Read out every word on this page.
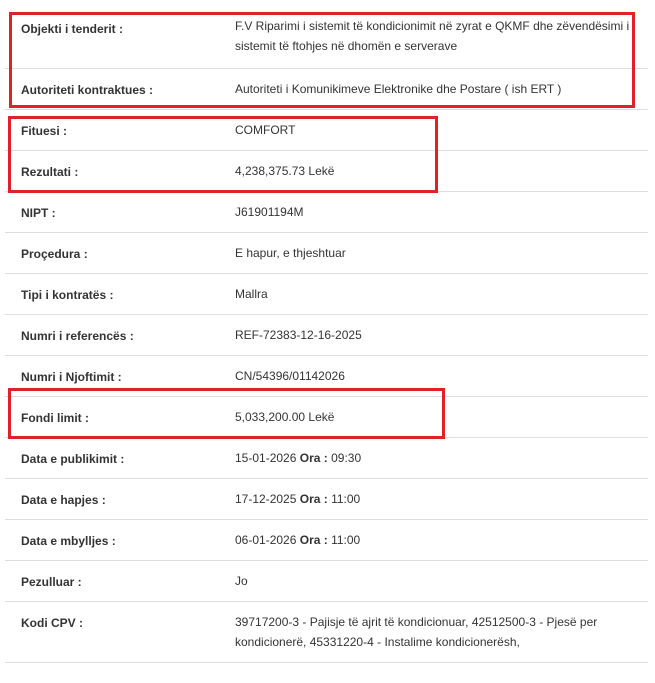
Objekti i tenderit :	F.V Riparimi i sistemit të kondicionimit në zyrat e QKMF dhe zëvendësimi i sistemit të ftohjes në dhomën e serverave
Autoriteti kontraktues :	Autoriteti i Komunikimeve Elektronike dhe Postare ( ish ERT )
Fituesi :	COMFORT
Rezultati :	4,238,375.73 Lekë
NIPT :	J61901194M
Proçedura :	E hapur, e thjeshtuar
Tipi i kontratës :	Mallra
Numri i referencës :	REF-72383-12-16-2025
Numri i Njoftimit :	CN/54396/01142026
Fondi limit :	5,033,200.00 Lekë
Data e publikimit :	15-01-2026 Ora : 09:30
Data e hapjes :	17-12-2025 Ora : 11:00
Data e mbylljes :	06-01-2026 Ora : 11:00
Pezulluar :	Jo
Kodi CPV :	39717200-3 - Pajisje të ajrit të kondicionuar, 42512500-3 - Pjesë per kondicionerë, 45331220-4 - Instalime kondicionerësh,
